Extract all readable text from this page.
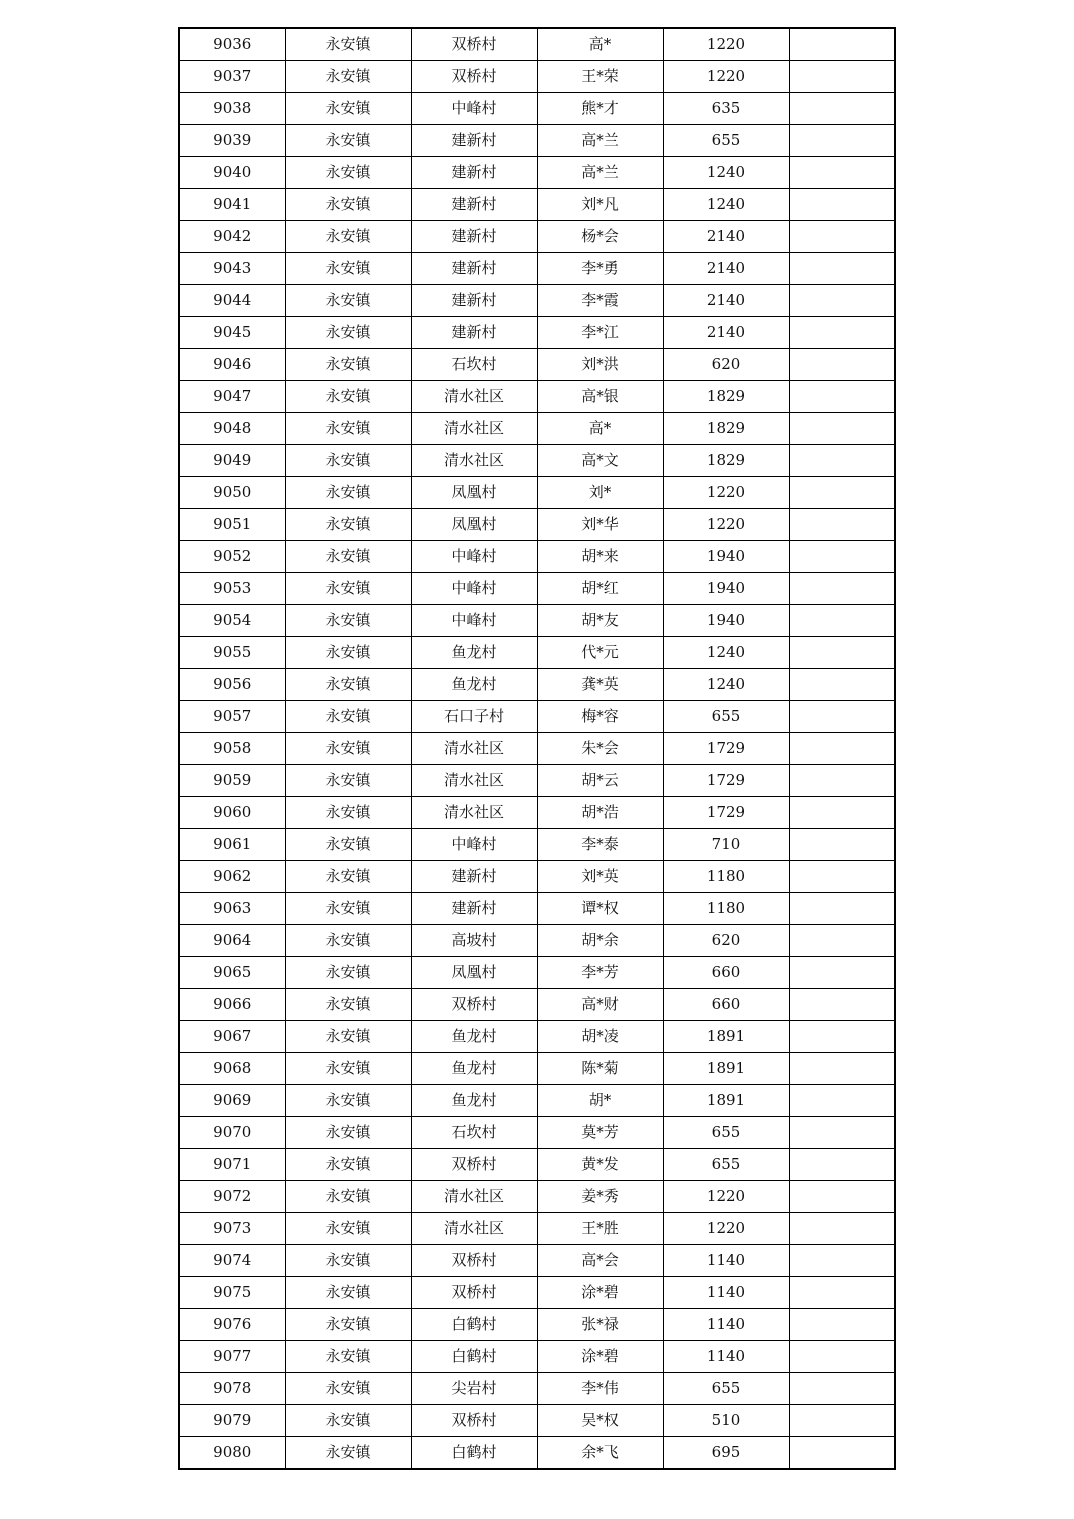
9036	永安镇	双桥村	高*	1220	
9037	永安镇	双桥村	王*荣	1220	
9038	永安镇	中峰村	熊*才	635	
9039	永安镇	建新村	高*兰	655	
9040	永安镇	建新村	高*兰	1240	
9041	永安镇	建新村	刘*凡	1240	
9042	永安镇	建新村	杨*会	2140	
9043	永安镇	建新村	李*勇	2140	
9044	永安镇	建新村	李*霞	2140	
9045	永安镇	建新村	李*江	2140	
9046	永安镇	石坎村	刘*洪	620	
9047	永安镇	清水社区	高*银	1829	
9048	永安镇	清水社区	高*	1829	
9049	永安镇	清水社区	高*文	1829	
9050	永安镇	凤凰村	刘*	1220	
9051	永安镇	凤凰村	刘*华	1220	
9052	永安镇	中峰村	胡*来	1940	
9053	永安镇	中峰村	胡*红	1940	
9054	永安镇	中峰村	胡*友	1940	
9055	永安镇	鱼龙村	代*元	1240	
9056	永安镇	鱼龙村	龚*英	1240	
9057	永安镇	石口子村	梅*容	655	
9058	永安镇	清水社区	朱*会	1729	
9059	永安镇	清水社区	胡*云	1729	
9060	永安镇	清水社区	胡*浩	1729	
9061	永安镇	中峰村	李*泰	710	
9062	永安镇	建新村	刘*英	1180	
9063	永安镇	建新村	谭*权	1180	
9064	永安镇	高坡村	胡*余	620	
9065	永安镇	凤凰村	李*芳	660	
9066	永安镇	双桥村	高*财	660	
9067	永安镇	鱼龙村	胡*凌	1891	
9068	永安镇	鱼龙村	陈*菊	1891	
9069	永安镇	鱼龙村	胡*	1891	
9070	永安镇	石坎村	莫*芳	655	
9071	永安镇	双桥村	黄*发	655	
9072	永安镇	清水社区	姜*秀	1220	
9073	永安镇	清水社区	王*胜	1220	
9074	永安镇	双桥村	高*会	1140	
9075	永安镇	双桥村	涂*碧	1140	
9076	永安镇	白鹤村	张*禄	1140	
9077	永安镇	白鹤村	涂*碧	1140	
9078	永安镇	尖岩村	李*伟	655	
9079	永安镇	双桥村	吴*权	510	
9080	永安镇	白鹤村	余*飞	695	
